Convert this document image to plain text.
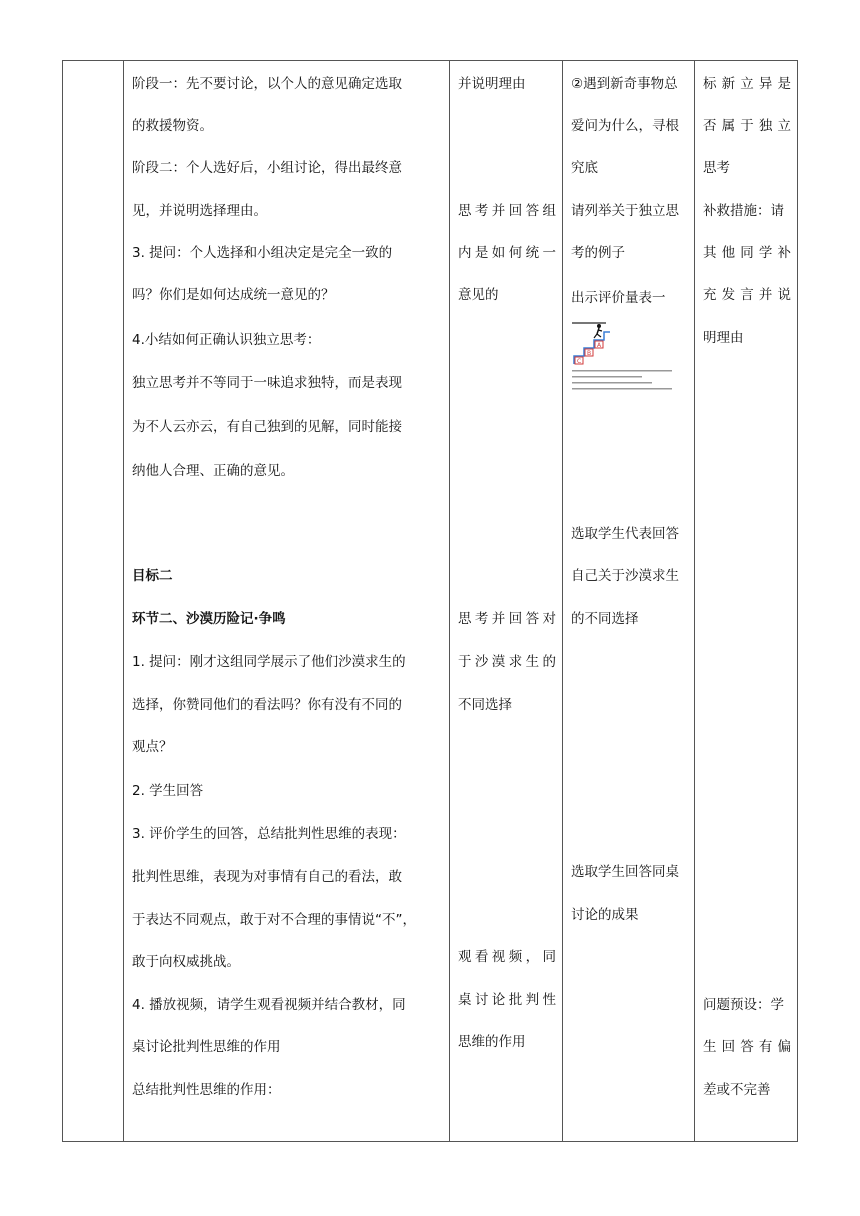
阶段一：先不要讨论，以个人的意见确定选取
的救援物资。
阶段二：个人选好后，小组讨论，得出最终意
见，并说明选择理由。
3. 提问：个人选择和小组决定是完全一致的
吗？你们是如何达成统一意见的？
4.小结如何正确认识独立思考：
独立思考并不等同于一味追求独特，而是表现
为不人云亦云，有自己独到的见解，同时能接
纳他人合理、正确的意见。
目标二
环节二、沙漠历险记·争鸣
1. 提问：刚才这组同学展示了他们沙漠求生的
选择，你赞同他们的看法吗？你有没有不同的
观点？
2. 学生回答
3. 评价学生的回答，总结批判性思维的表现：
批判性思维，表现为对事情有自己的看法，敢
于表达不同观点，敢于对不合理的事情说“不”，
敢于向权威挑战。
4. 播放视频，请学生观看视频并结合教材，同
桌讨论批判性思维的作用
总结批判性思维的作用：
并说明理由
思考并回答组
内是如何统一
意见的
思考并回答对
于沙漠求生的
不同选择
观看视频，同
桌讨论批判性
思维的作用
②遇到新奇事物总
爱问为什么，寻根
究底
请列举关于独立思
考的例子
出示评价量表一
选取学生代表回答
自己关于沙漠求生
的不同选择
选取学生回答同桌
讨论的成果
C
B
A
标新立异是
否属于独立
思考
补救措施：请
其他同学补
充发言并说
明理由
问题预设：学
生回答有偏
差或不完善
